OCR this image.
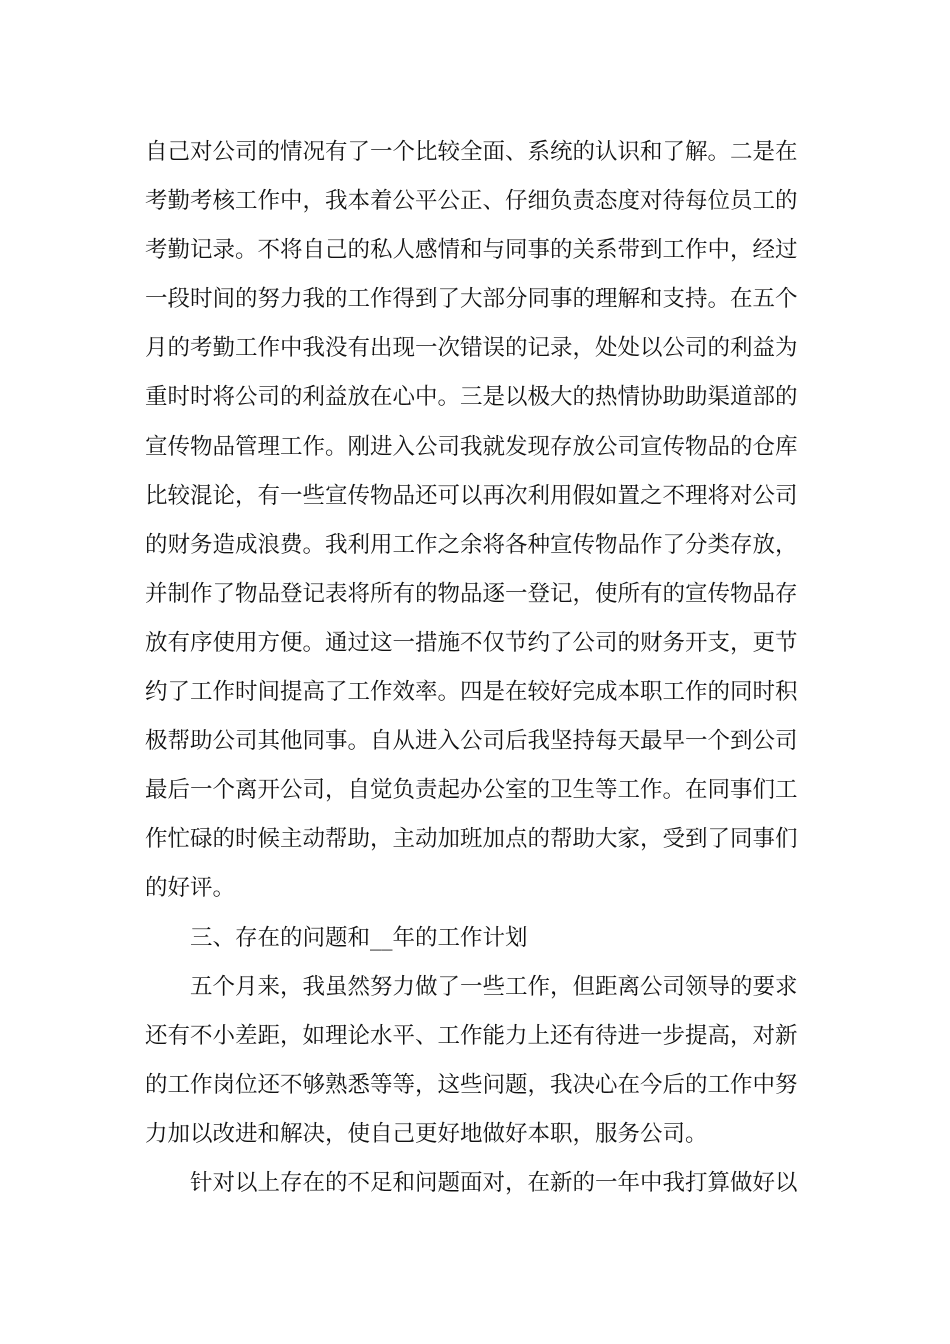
自己对公司的情况有了一个比较全面、系统的认识和了解。二是在
考勤考核工作中，我本着公平公正、仔细负责态度对待每位员工的
考勤记录。不将自己的私人感情和与同事的关系带到工作中，经过
一段时间的努力我的工作得到了大部分同事的理解和支持。在五个
月的考勤工作中我没有出现一次错误的记录，处处以公司的利益为
重时时将公司的利益放在心中。三是以极大的热情协助助渠道部的
宣传物品管理工作。刚进入公司我就发现存放公司宣传物品的仓库
比较混论，有一些宣传物品还可以再次利用假如置之不理将对公司
的财务造成浪费。我利用工作之余将各种宣传物品作了分类存放，
并制作了物品登记表将所有的物品逐一登记，使所有的宣传物品存
放有序使用方便。通过这一措施不仅节约了公司的财务开支，更节
约了工作时间提高了工作效率。四是在较好完成本职工作的同时积
极帮助公司其他同事。自从进入公司后我坚持每天最早一个到公司
最后一个离开公司，自觉负责起办公室的卫生等工作。在同事们工
作忙碌的时候主动帮助，主动加班加点的帮助大家，受到了同事们
的好评。
三、存在的问题和__年的工作计划
五个月来，我虽然努力做了一些工作，但距离公司领导的要求
还有不小差距，如理论水平、工作能力上还有待进一步提高，对新
的工作岗位还不够熟悉等等，这些问题，我决心在今后的工作中努
力加以改进和解决，使自己更好地做好本职，服务公司。
针对以上存在的不足和问题面对，在新的一年中我打算做好以
